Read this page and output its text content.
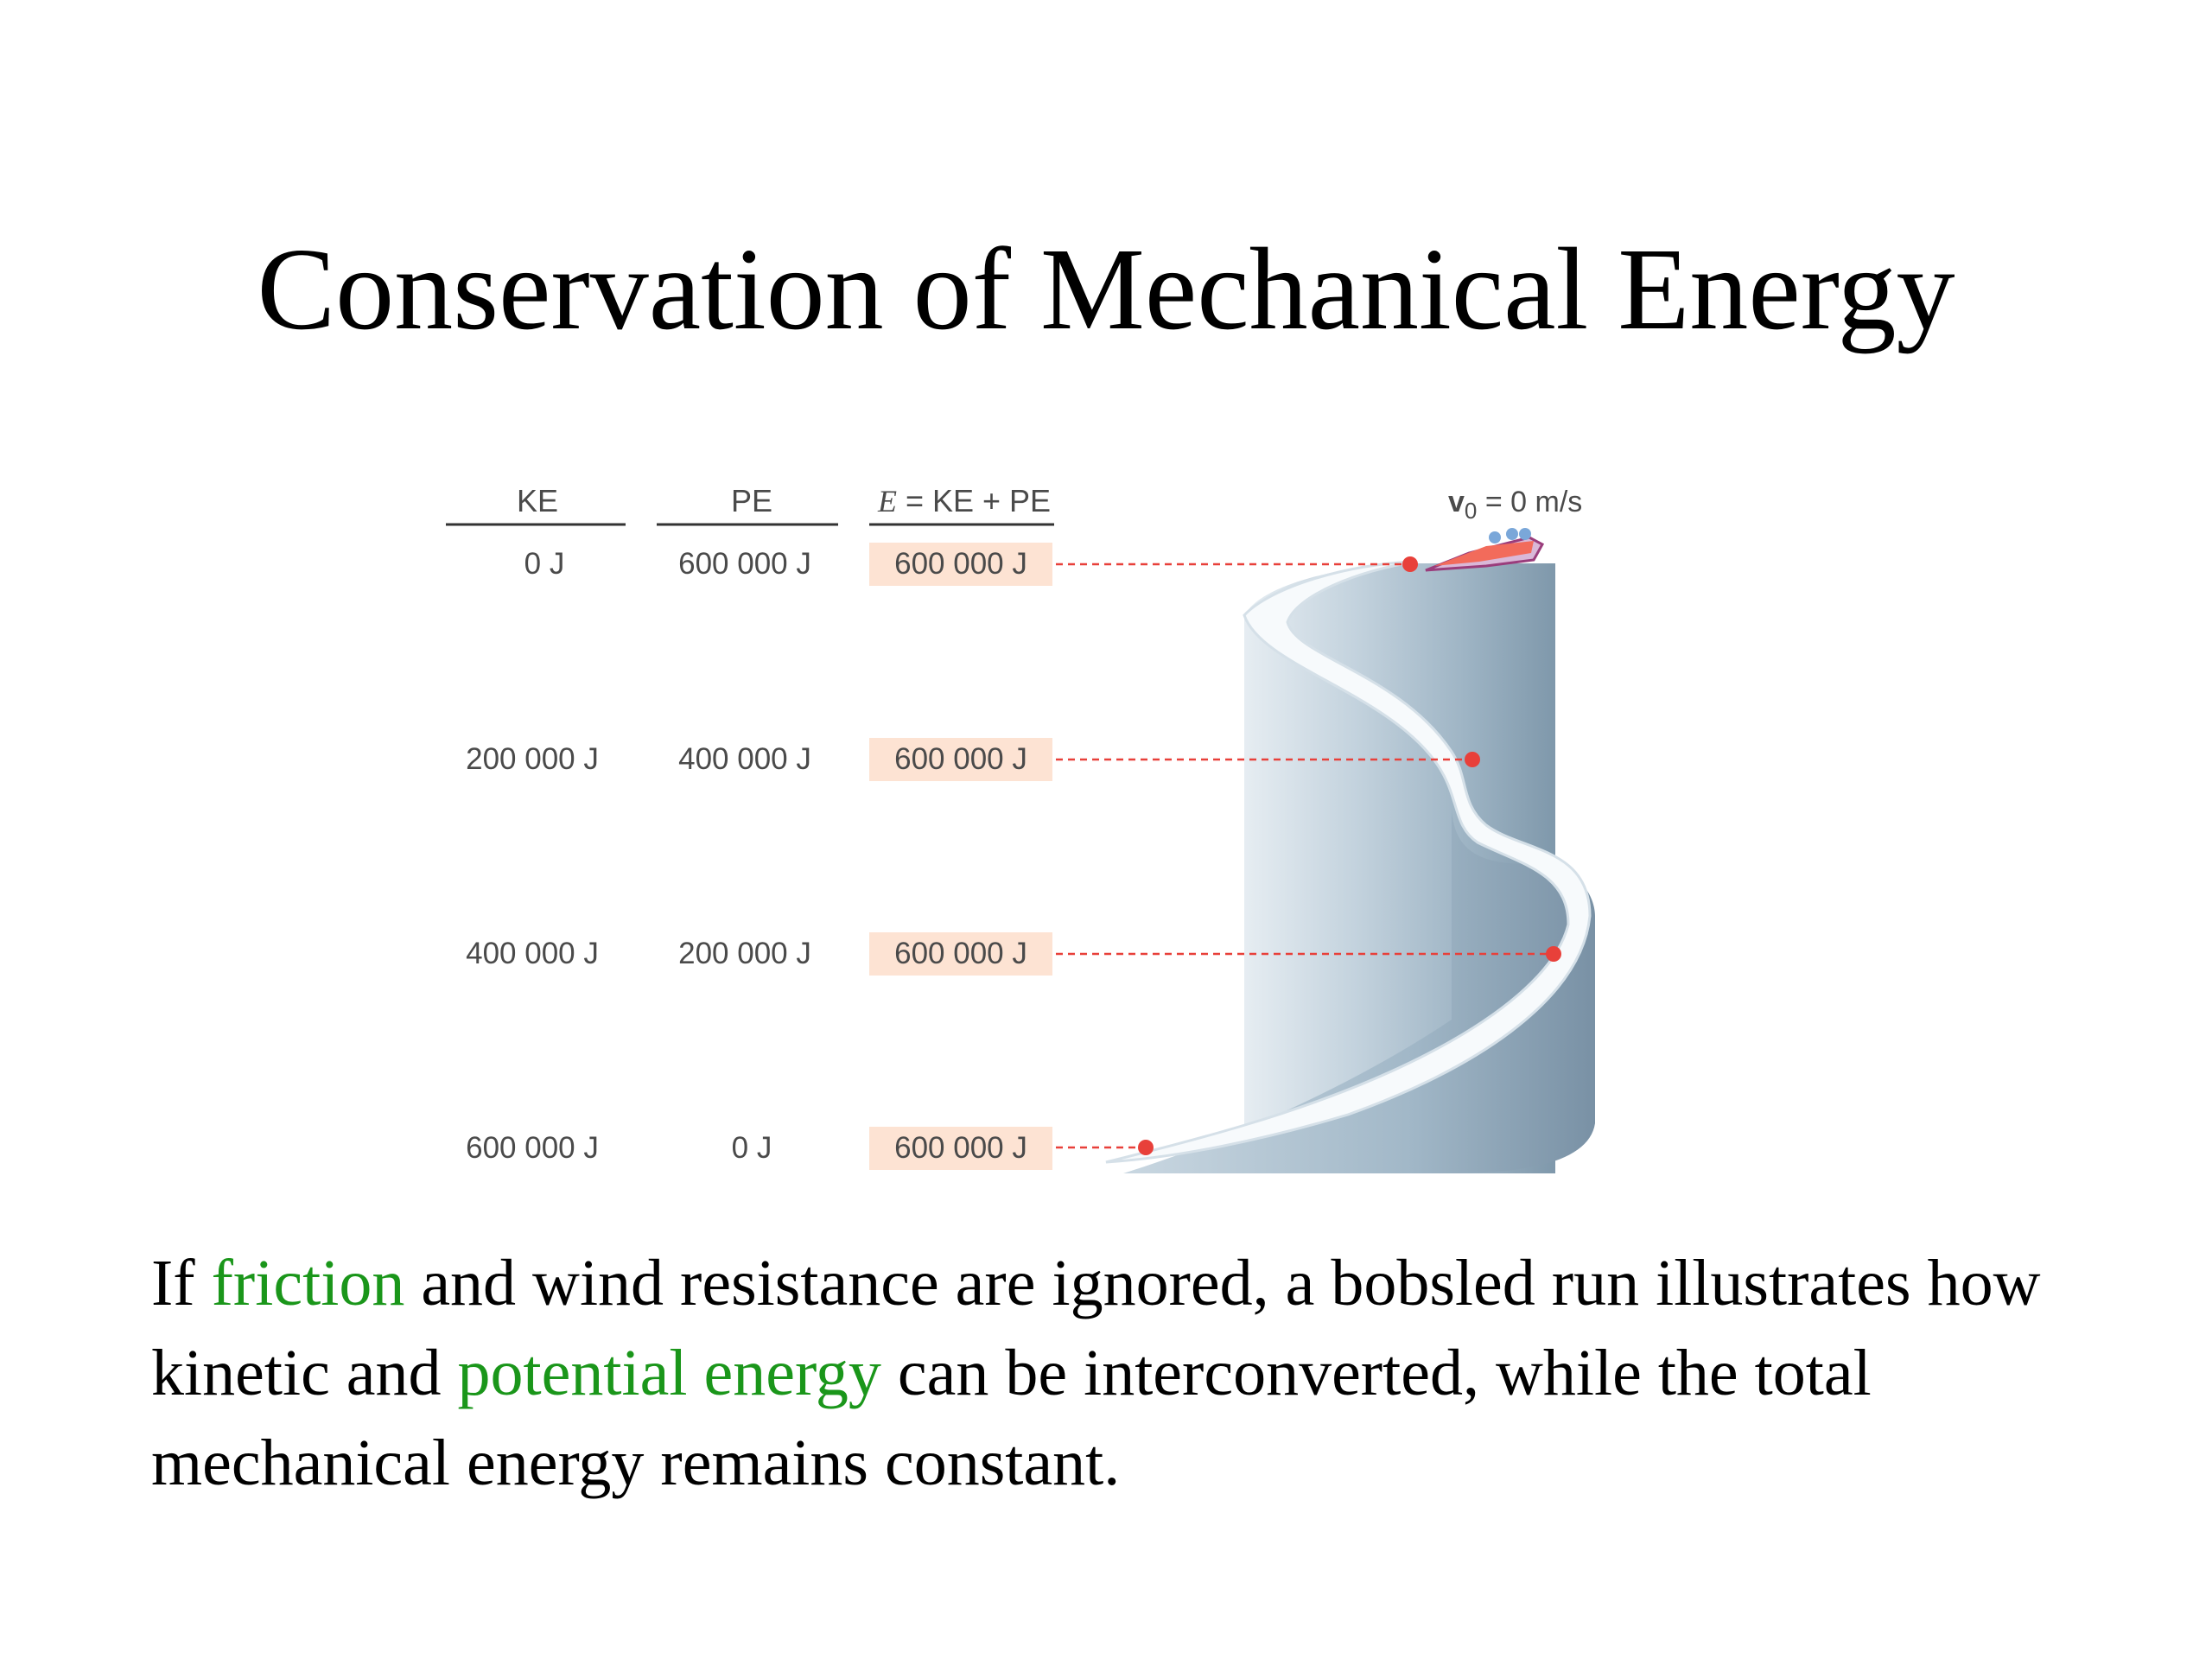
Conservation of Mechanical Energy
KE	PE	E = KE + PE	$v_0 = 0$ m/s
0 J	600 000 J	600 000 J
200 000 J	400 000 J	600 000 J
400 000 J	200 000 J	600 000 J
600 000 J	0 J	600 000 J
If friction and wind resistance are ignored, a bobsled run illustrates how kinetic and potential energy can be interconverted, while the total mechanical energy remains constant.
